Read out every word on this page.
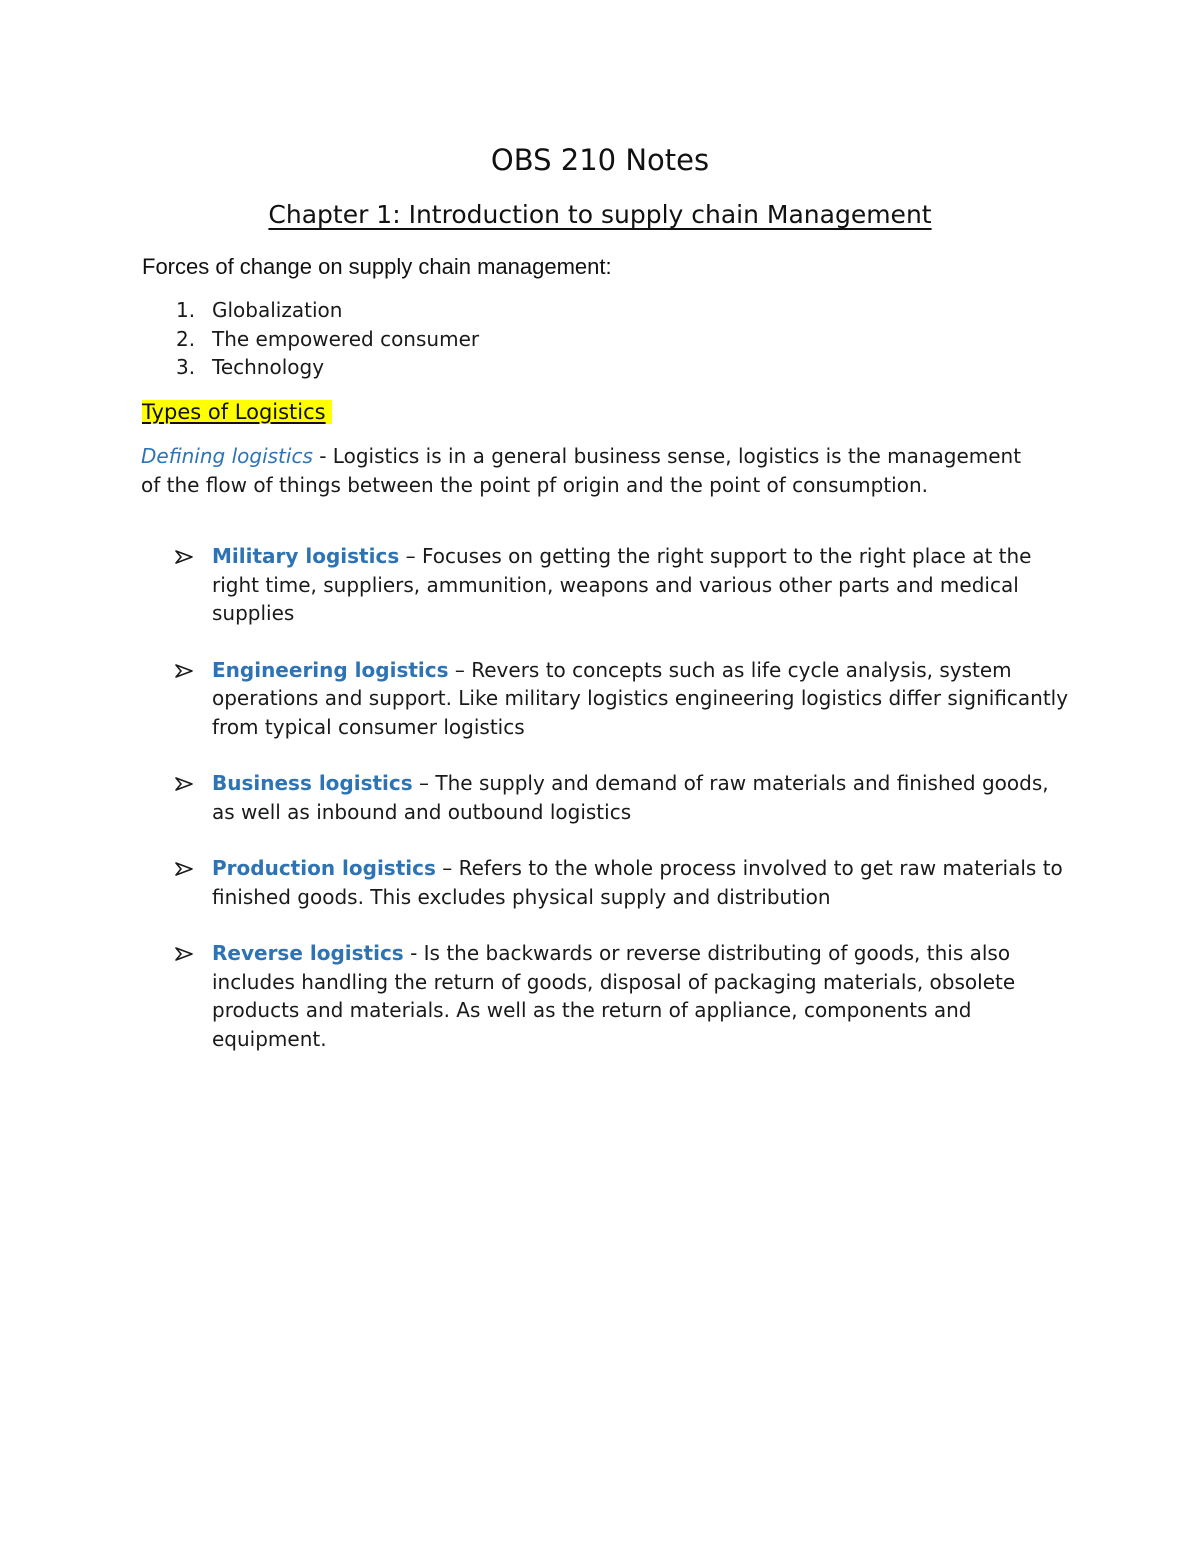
OBS 210 Notes
Chapter 1: Introduction to supply chain Management
Forces of change on supply chain management:
1. Globalization
2. The empowered consumer
3. Technology
Types of Logistics
Defining logistics - Logistics is in a general business sense, logistics is the management of the flow of things between the point pf origin and the point of consumption.
Military logistics – Focuses on getting the right support to the right place at the right time, suppliers, ammunition, weapons and various other parts and medical supplies
Engineering logistics – Revers to concepts such as life cycle analysis, system operations and support. Like military logistics engineering logistics differ significantly from typical consumer logistics
Business logistics – The supply and demand of raw materials and finished goods, as well as inbound and outbound logistics
Production logistics – Refers to the whole process involved to get raw materials to finished goods. This excludes physical supply and distribution
Reverse logistics - Is the backwards or reverse distributing of goods, this also includes handling the return of goods, disposal of packaging materials, obsolete products and materials. As well as the return of appliance, components and equipment.
